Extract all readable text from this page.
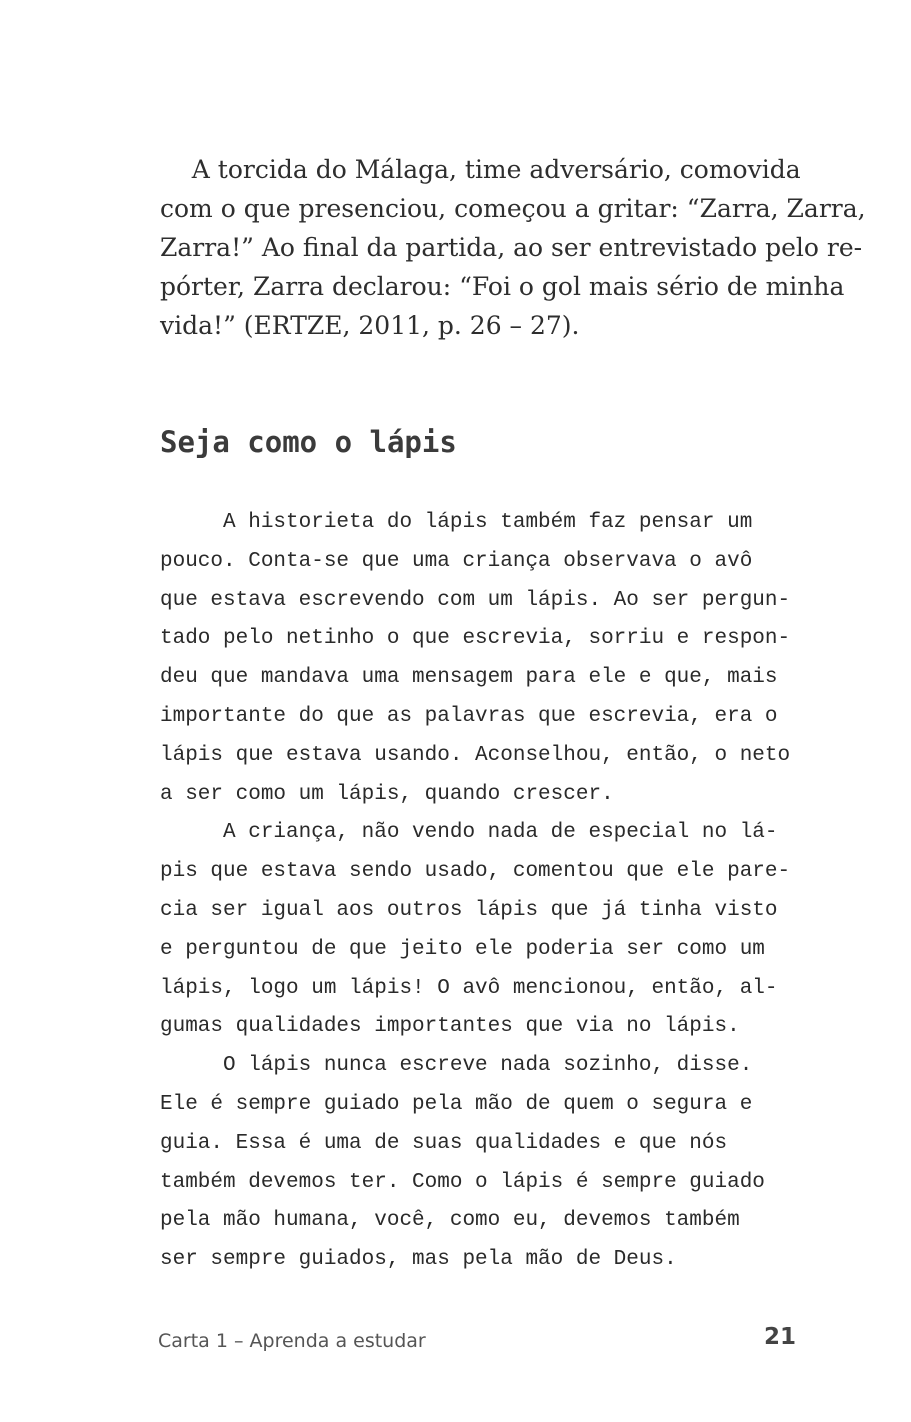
A torcida do Málaga, time adversário, comovida
com o que presenciou, começou a gritar: “Zarra, Zarra,
Zarra!” Ao final da partida, ao ser entrevistado pelo re-
pórter, Zarra declarou: “Foi o gol mais sério de minha
vida!” (ERTZE, 2011, p. 26 – 27).
Seja como o lápis
A historieta do lápis também faz pensar um
pouco. Conta-se que uma criança observava o avô
que estava escrevendo com um lápis. Ao ser pergun-
tado pelo netinho o que escrevia, sorriu e respon-
deu que mandava uma mensagem para ele e que, mais
importante do que as palavras que escrevia, era o
lápis que estava usando. Aconselhou, então, o neto
a ser como um lápis, quando crescer.
A criança, não vendo nada de especial no lá-
pis que estava sendo usado, comentou que ele pare-
cia ser igual aos outros lápis que já tinha visto
e perguntou de que jeito ele poderia ser como um
lápis, logo um lápis! O avô mencionou, então, al-
gumas qualidades importantes que via no lápis.
O lápis nunca escreve nada sozinho, disse.
Ele é sempre guiado pela mão de quem o segura e
guia. Essa é uma de suas qualidades e que nós
também devemos ter. Como o lápis é sempre guiado
pela mão humana, você, como eu, devemos também
ser sempre guiados, mas pela mão de Deus.
Carta 1 – Aprenda a estudar	21
